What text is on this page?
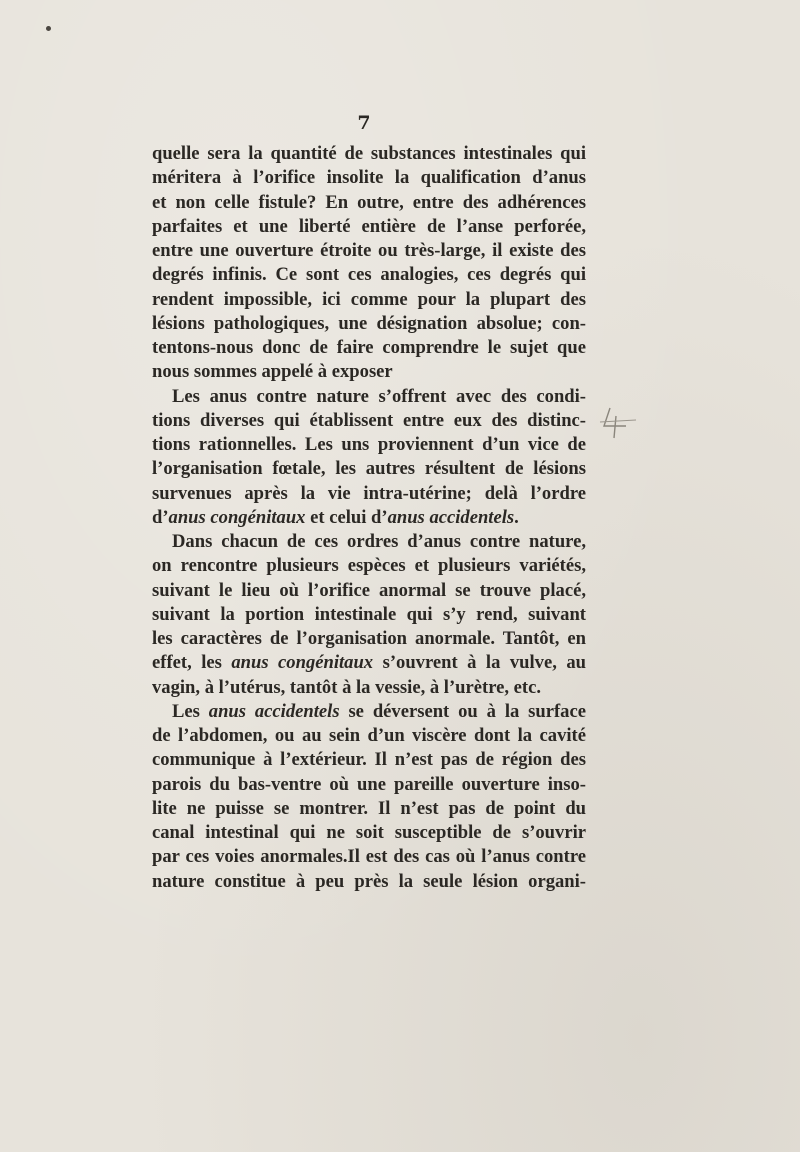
7

quelle sera la quantité de substances intestinales qui
méritera à l’orifice insolite la qualification d’anus
et non celle fistule? En outre, entre des adhérences
parfaites et une liberté entière de l’anse perforée,
entre une ouverture étroite ou très-large, il existe des
degrés infinis. Ce sont ces analogies, ces degrés qui
rendent impossible, ici comme pour la plupart des
lésions pathologiques, une désignation absolue; con-
tentons-nous donc de faire comprendre le sujet que
nous sommes appelé à exposer
Les anus contre nature s’offrent avec des condi-
tions diverses qui établissent entre eux des distinc-
tions rationnelles. Les uns proviennent d’un vice de
l’organisation fœtale, les autres résultent de lésions
survenues après la vie intra-utérine; delà l’ordre
d’anus congénitaux et celui d’anus accidentels.
Dans chacun de ces ordres d’anus contre nature,
on rencontre plusieurs espèces et plusieurs variétés,
suivant le lieu où l’orifice anormal se trouve placé,
suivant la portion intestinale qui s’y rend, suivant
les caractères de l’organisation anormale. Tantôt, en
effet, les anus congénitaux s’ouvrent à la vulve, au
vagin, à l’utérus, tantôt à la vessie, à l’urètre, etc.
Les anus accidentels se déversent ou à la surface
de l’abdomen, ou au sein d’un viscère dont la cavité
communique à l’extérieur. Il n’est pas de région des
parois du bas-ventre où une pareille ouverture inso-
lite ne puisse se montrer. Il n’est pas de point du
canal intestinal qui ne soit susceptible de s’ouvrir
par ces voies anormales.Il est des cas où l’anus contre
nature constitue à peu près la seule lésion organi-
